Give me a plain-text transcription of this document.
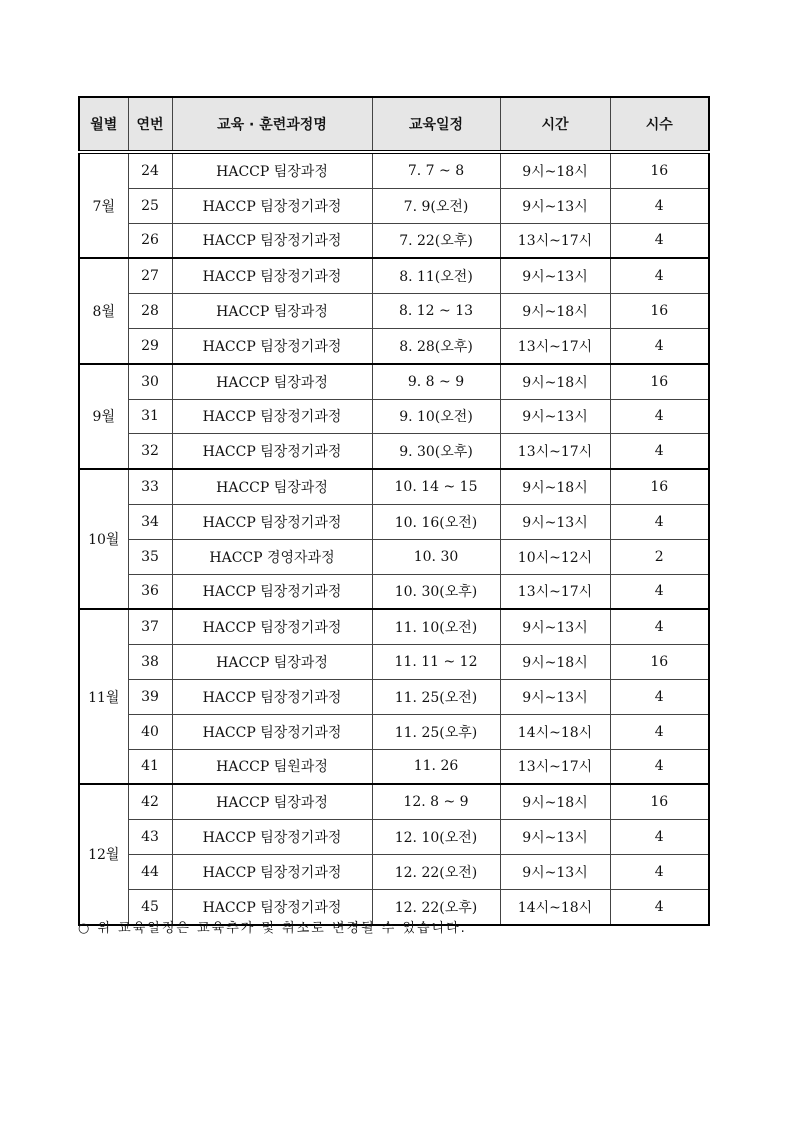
월별	연번	교육 · 훈련과정명	교육일정	시간	시수
7월	24	HACCP 팀장과정	7. 7 ~ 8	9시~18시	16
	25	HACCP 팀장정기과정	7. 9(오전)	9시~13시	4
	26	HACCP 팀장정기과정	7. 22(오후)	13시~17시	4
8월	27	HACCP 팀장정기과정	8. 11(오전)	9시~13시	4
	28	HACCP 팀장과정	8. 12 ~ 13	9시~18시	16
	29	HACCP 팀장정기과정	8. 28(오후)	13시~17시	4
9월	30	HACCP 팀장과정	9. 8 ~ 9	9시~18시	16
	31	HACCP 팀장정기과정	9. 10(오전)	9시~13시	4
	32	HACCP 팀장정기과정	9. 30(오후)	13시~17시	4
10월	33	HACCP 팀장과정	10. 14 ~ 15	9시~18시	16
	34	HACCP 팀장정기과정	10. 16(오전)	9시~13시	4
	35	HACCP 경영자과정	10. 30	10시~12시	2
	36	HACCP 팀장정기과정	10. 30(오후)	13시~17시	4
11월	37	HACCP 팀장정기과정	11. 10(오전)	9시~13시	4
	38	HACCP 팀장과정	11. 11 ~ 12	9시~18시	16
	39	HACCP 팀장정기과정	11. 25(오전)	9시~13시	4
	40	HACCP 팀장정기과정	11. 25(오후)	14시~18시	4
	41	HACCP 팀원과정	11. 26	13시~17시	4
12월	42	HACCP 팀장과정	12. 8 ~ 9	9시~18시	16
	43	HACCP 팀장정기과정	12. 10(오전)	9시~13시	4
	44	HACCP 팀장정기과정	12. 22(오전)	9시~13시	4
	45	HACCP 팀장정기과정	12. 22(오후)	14시~18시	4
○ 위 교육일정은 교육추가 및 취소로 변경될 수 있습니다.
